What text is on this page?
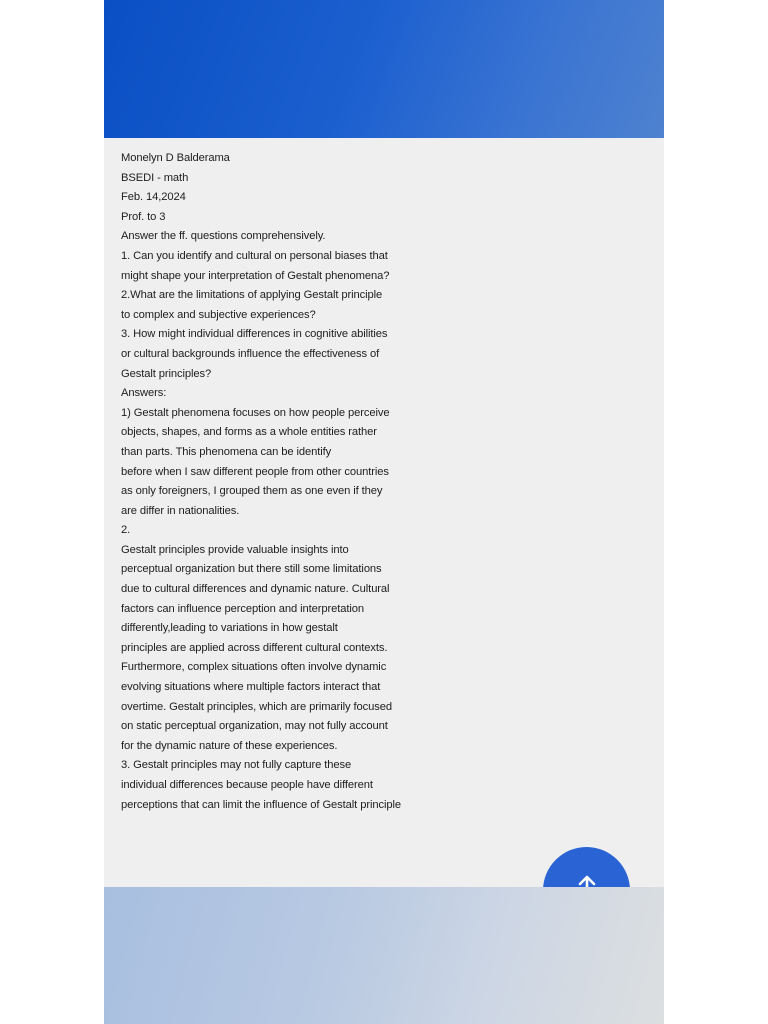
Monelyn D Balderama
BSEDI - math
Feb. 14,2024
Prof. to 3
Answer the ff. questions comprehensively.
1. Can you identify and cultural on personal biases that
might shape your interpretation of Gestalt phenomena?
2.What are the limitations of applying Gestalt principle
to complex and subjective experiences?
3. How might individual differences in cognitive abilities
or cultural backgrounds influence the effectiveness of
Gestalt principles?
Answers:
1) Gestalt phenomena focuses on how people perceive
objects, shapes, and forms as a whole entities rather
than parts. This phenomena can be identify
before when I saw different people from other countries
as only foreigners, I grouped them as one even if they
are differ in nationalities.
2.
Gestalt principles provide valuable insights into
perceptual organization but there still some limitations
due to cultural differences and dynamic nature. Cultural
factors can influence perception and interpretation
differently,leading to variations in how gestalt
principles are applied across different cultural contexts.
Furthermore, complex situations often involve dynamic
evolving situations where multiple factors interact that
overtime. Gestalt principles, which are primarily focused
on static perceptual organization, may not fully account
for the dynamic nature of these experiences.
3. Gestalt principles may not fully capture these
individual differences because people have different
perceptions that can limit the influence of Gestalt principle
